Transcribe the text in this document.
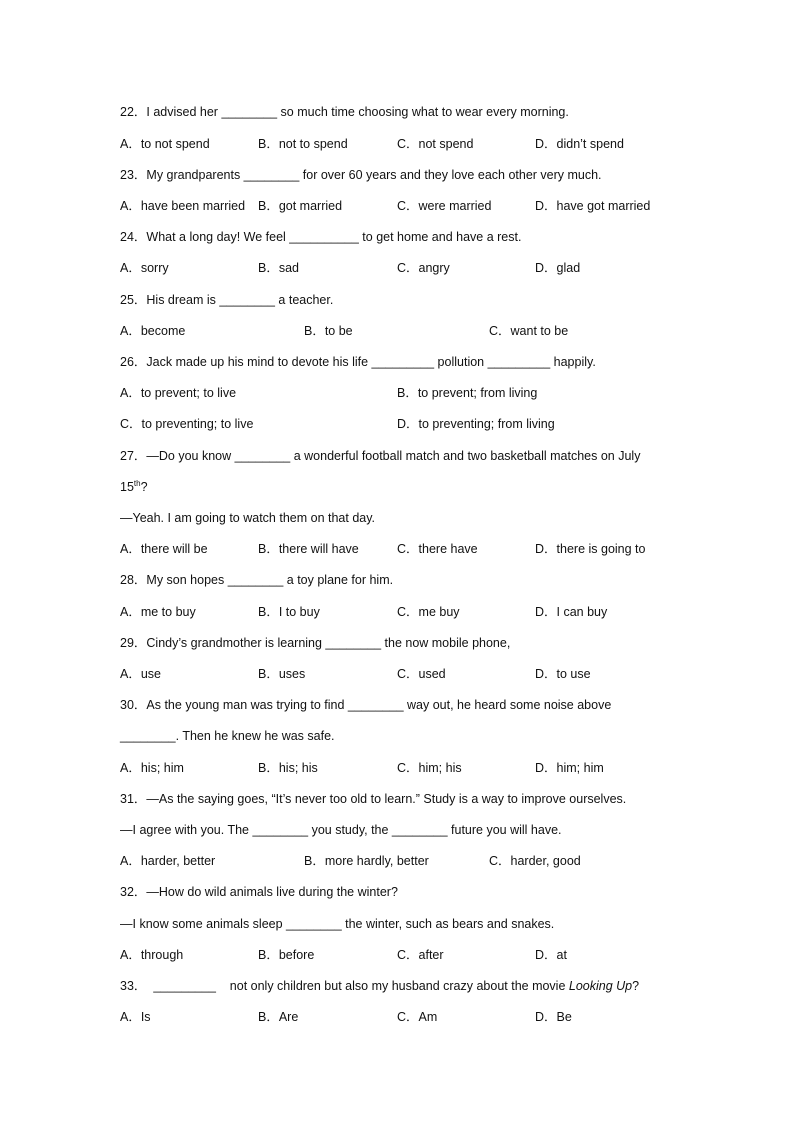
22．I advised her ________ so much time choosing what to wear every morning.
A．to not spend	B．not to spend	C．not spend	D．didn’t spend
23．My grandparents ________ for over 60 years and they love each other very much.
A．have been married B．got married	C．were married	D．have got married
24．What a long day! We feel __________ to get home and have a rest.
A．sorry	B．sad	C．angry	D．glad
25．His dream is ________ a teacher.
A．become	B．to be	C．want to be
26．Jack made up his mind to devote his life _________ pollution _________ happily.
A．to prevent; to live	B．to prevent; from living
C．to preventing; to live	D．to preventing; from living
27．—Do you know ________ a wonderful football match and two basketball matches on July
15th?
—Yeah. I am going to watch them on that day.
A．there will be	B．there will have	C．there have	D．there is going to
28．My son hopes ________ a toy plane for him.
A．me to buy	B．I to buy	C．me buy	D．I can buy
29．Cindy’s grandmother is learning ________ the now mobile phone,
A．use	B．uses	C．used	D．to use
30．As the young man was trying to find ________ way out, he heard some noise above
________. Then he knew he was safe.
A．his; him	B．his; his	C．him; his	D．him; him
31．—As the saying goes, “It’s never too old to learn.” Study is a way to improve ourselves.
—I agree with you. The ________ you study, the ________ future you will have.
A．harder, better	B．more hardly, better	C．harder, good
32．—How do wild animals live during the winter?
—I know some animals sleep ________ the winter, such as bears and snakes.
A．through	B．before	C．after	D．at
33．  _________    not only children but also my husband crazy about the movie Looking Up?
A．Is	B．Are	C．Am	D．Be
